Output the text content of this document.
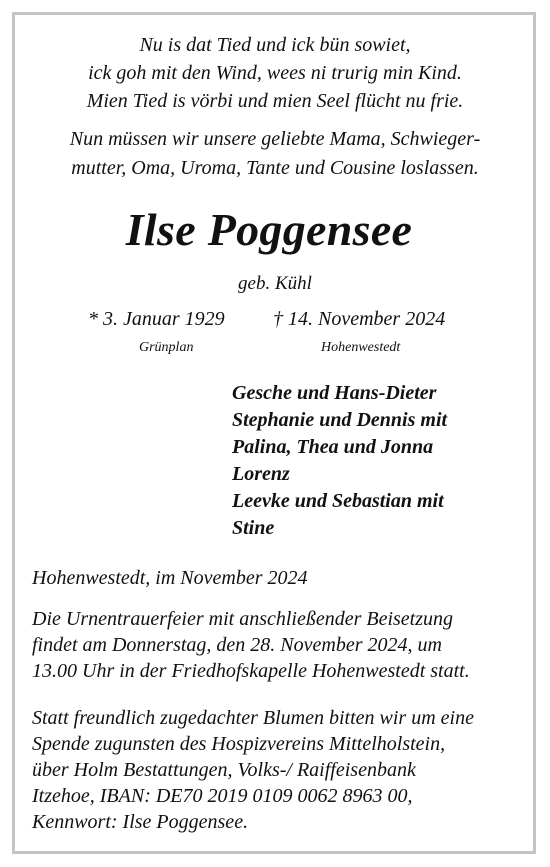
Nu is dat Tied und ick bün sowiet,

ick goh mit den Wind, wees ni trurig min Kind.

Mien Tied is vörbi und mien Seel flücht nu frie.

Nun müssen wir unsere geliebte Mama, Schwieger-

mutter, Oma, Uroma, Tante und Cousine loslassen.

Ilse Poggensee

geb. Kühl

* 3. Januar 1929 † 14. November 2024
Grünplan	Hohenwestedt
Gesche und Hans-Dieter
Stephanie und Dennis mit
Palina, Thea und Jonna
Lorenz
Leevke und Sebastian mit
Stine

Hohenwestedt, im November 2024

Die Urnentrauerfeier mit anschließender Beisetzung
findet am Donnerstag, den 28. November 2024, um
13.00 Uhr in der Friedhofskapelle Hohenwestedt statt.

Statt freundlich zugedachter Blumen bitten wir um eine
Spende zugunsten des Hospizvereins Mittelholstein,
über Holm Bestattungen, Volks-/ Raiffeisenbank
Itzehoe, IBAN: DE70 2019 0109 0062 8963 00,
Kennwort: Ilse Poggensee.
